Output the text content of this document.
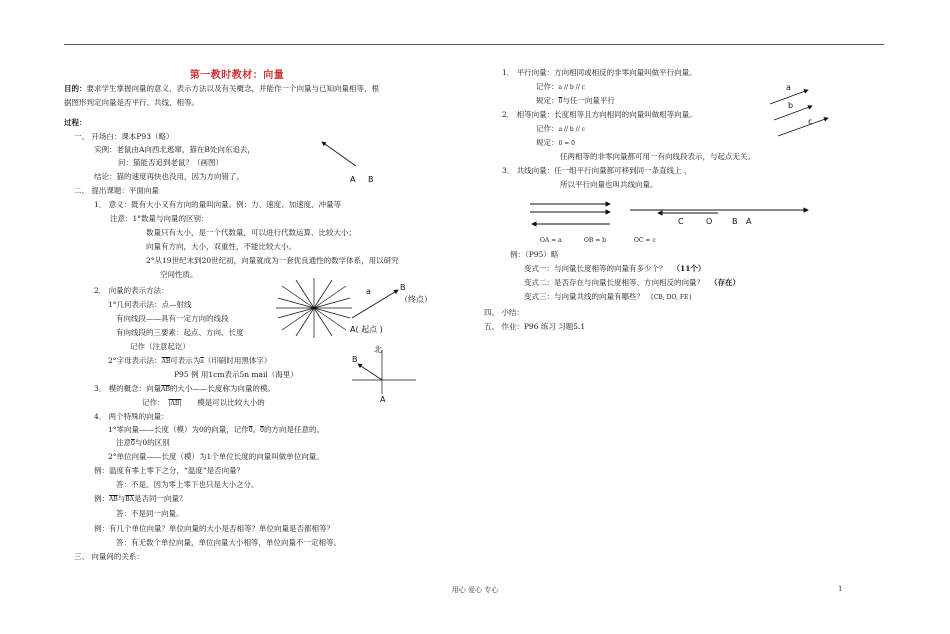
第一教时教材：向量
目的：要求学生掌握向量的意义、表示方法以及有关概念，并能作一个向量与已知向量相等，根
据图形判定向量是否平行、共线、相等。
过程：
一、 开场白：课本P93（略）
实例：老鼠由A向西北逃窜，猫在B处向东追去，
问：猫能否追到老鼠？（画图）
结论：猫的速度再快也没用，因为方向错了。
二、 提出课题：平面向量
1． 意义：既有大小又有方向的量叫向量。例：力、速度、加速度、冲量等
注意：1°数量与向量的区别：
数量只有大小，是一个代数量，可以进行代数运算、比较大小；
向量有方向，大小，双重性，不能比较大小。
2°从19世纪末到20世纪初，向量就成为一套优良通性的数学体系，用以研究
空间性质。
2． 向量的表示方法：
1°几何表示法：点—射线
有向线段——具有一定方向的线段
有向线段的三要素：起点、方向、长度
记作（注意起讫）
2°字母表示法：$\overline{AB}$可表示为$\overline{a}$（印刷时用黑体字）
P95 例 用1cm表示5n mail（海里）
3． 模的概念：向量$\overline{AB}$的大小——长度称为向量的模。
记作： |AB| 模是可以比较大小的
4． 两个特殊的向量：
1°零向量——长度（模）为0的向量，记作0。0的方向是任意的。
注意0与0的区别
2°单位向量——长度（模）为1个单位长度的向量叫做单位向量。
例：温度有零上零下之分，“温度”是否向量？
答：不是。因为零上零下也只是大小之分。
例：$\overline{AB}$与$\overline{BA}$是否同一向量？
答：不是同一向量。
例：有几个单位向量？单位向量的大小是否相等？单位向量是否都相等？
答：有无数个单位向量，单位向量大小相等，单位向量不一定相等。
三、 向量间的关系：
1． 平行向量：方向相同或相反的非零向量叫做平行向量。
记作：a // b // c
规定：0与任一向量平行
2． 相等向量：长度相等且方向相同的向量叫做相等向量。
记作：a // b // c
规定：0 = 0
任两相等的非零向量都可用一有向线段表示，与起点无关。
3． 共线向量：任一组平行向量都可移到同一条直线上 ，
所以平行向量也叫共线向量。
OA = a	OB = b	OC = c
例：（P95）略
变式一：与向量长度相等的向量有多少个？ （11个）
变式二：是否存在与向量长度相等、方向相反的向量？ （存在）
变式三：与向量共线的向量有哪些？ {CB, DO, FE}
四、 小结：
五、 作业：P96 练习 习题5.1
A B
a	B
（终点）
A( 起点 )
北
B
A
a
b
c
C	O B A
用心 爱心 专心	1
